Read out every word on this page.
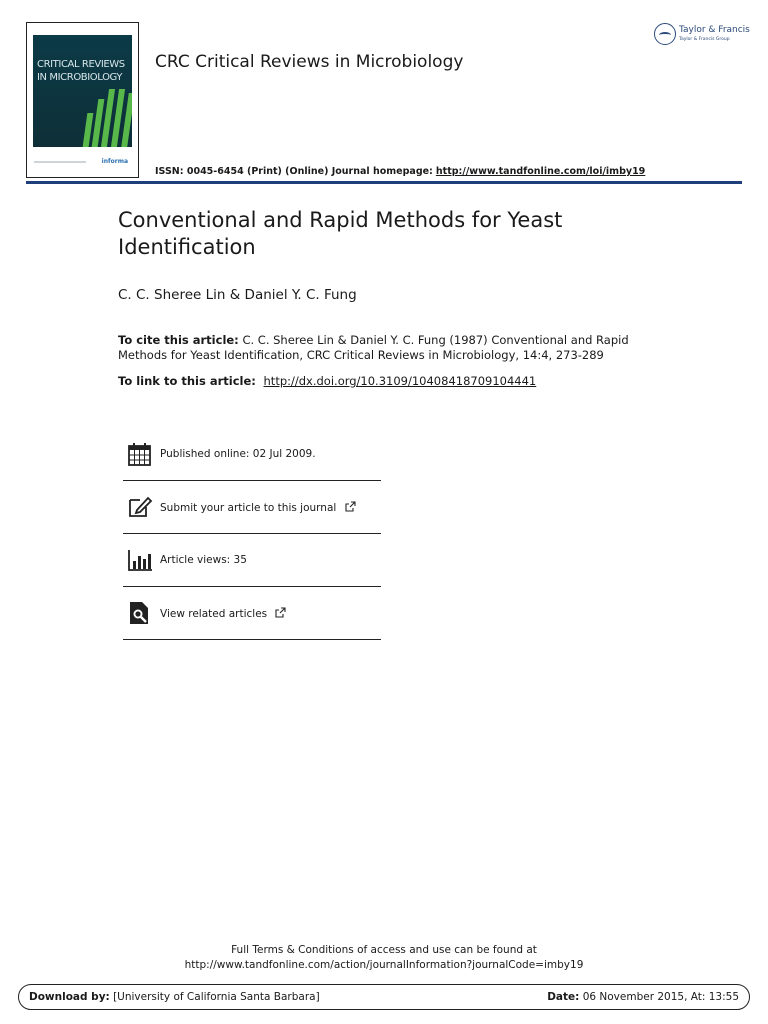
CRITICAL REVIEWS
IN MICROBIOLOGY
informa
CRC Critical Reviews in Microbiology
Taylor & Francis
Taylor & Francis Group
ISSN: 0045-6454 (Print) (Online) Journal homepage: http://www.tandfonline.com/loi/imby19
Conventional and Rapid Methods for Yeast Identification
C. C. Sheree Lin & Daniel Y. C. Fung
To cite this article: C. C. Sheree Lin & Daniel Y. C. Fung (1987) Conventional and Rapid Methods for Yeast Identification, CRC Critical Reviews in Microbiology, 14:4, 273-289
To link to this article: http://dx.doi.org/10.3109/10408418709104441
Published online: 02 Jul 2009.
Submit your article to this journal
Article views: 35
View related articles
Full Terms & Conditions of access and use can be found at
http://www.tandfonline.com/action/journalInformation?journalCode=imby19
Download by: [University of California Santa Barbara]	Date: 06 November 2015, At: 13:55
